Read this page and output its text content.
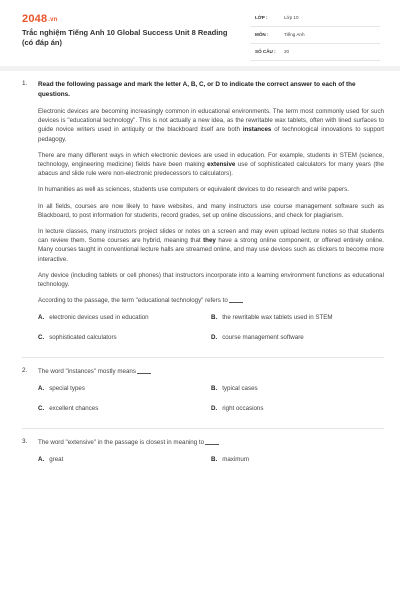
2048.vn
Trắc nghiệm Tiếng Anh 10 Global Success Unit 8 Reading (có đáp án)
LỚP :	Lớp 10
MÔN :	Tiếng Anh
SỐ CÂU : 20
1. Read the following passage and mark the letter A, B, C, or D to indicate the correct answer to each of the questions.

Electronic devices are becoming increasingly common in educational environments. The term most commonly used for such devices is "educational technology". This is not actually a new idea, as the rewritable wax tablets, often with lined surfaces to guide novice writers used in antiquity or the blackboard itself are both instances of technological innovations to support pedagogy.

There are many different ways in which electronic devices are used in education. For example, students in STEM (science, technology, engineering medicine) fields have been making extensive use of sophisticated calculators for many years (the abacus and slide rule were non-electronic predecessors to calculators).

In humanities as well as sciences, students use computers or equivalent devices to do research and write papers.

In all fields, courses are now likely to have websites, and many instructors use course management software such as Blackboard, to post information for students, record grades, set up online discussions, and check for plagiarism.

In lecture classes, many instructors project slides or notes on a screen and may even upload lecture notes so that students can review them. Some courses are hybrid, meaning that they have a strong online component, or offered entirely online. Many courses taught in conventional lecture halls are streamed online, and may use devices such as clickers to become more interactive.

Any device (including tablets or cell phones) that instructors incorporate into a learning environment functions as educational technology.

According to the passage, the term "educational technology" refers to
A. electronic devices used in education	B. the rewritable wax tablets used in STEM
C. sophisticated calculators	D. course management software
2. The word "instances" mostly means
A. special types	B. typical cases
C. excellent chances	D. right occasions
3. The word "extensive" in the passage is closest in meaning to
A. great	B. maximum
